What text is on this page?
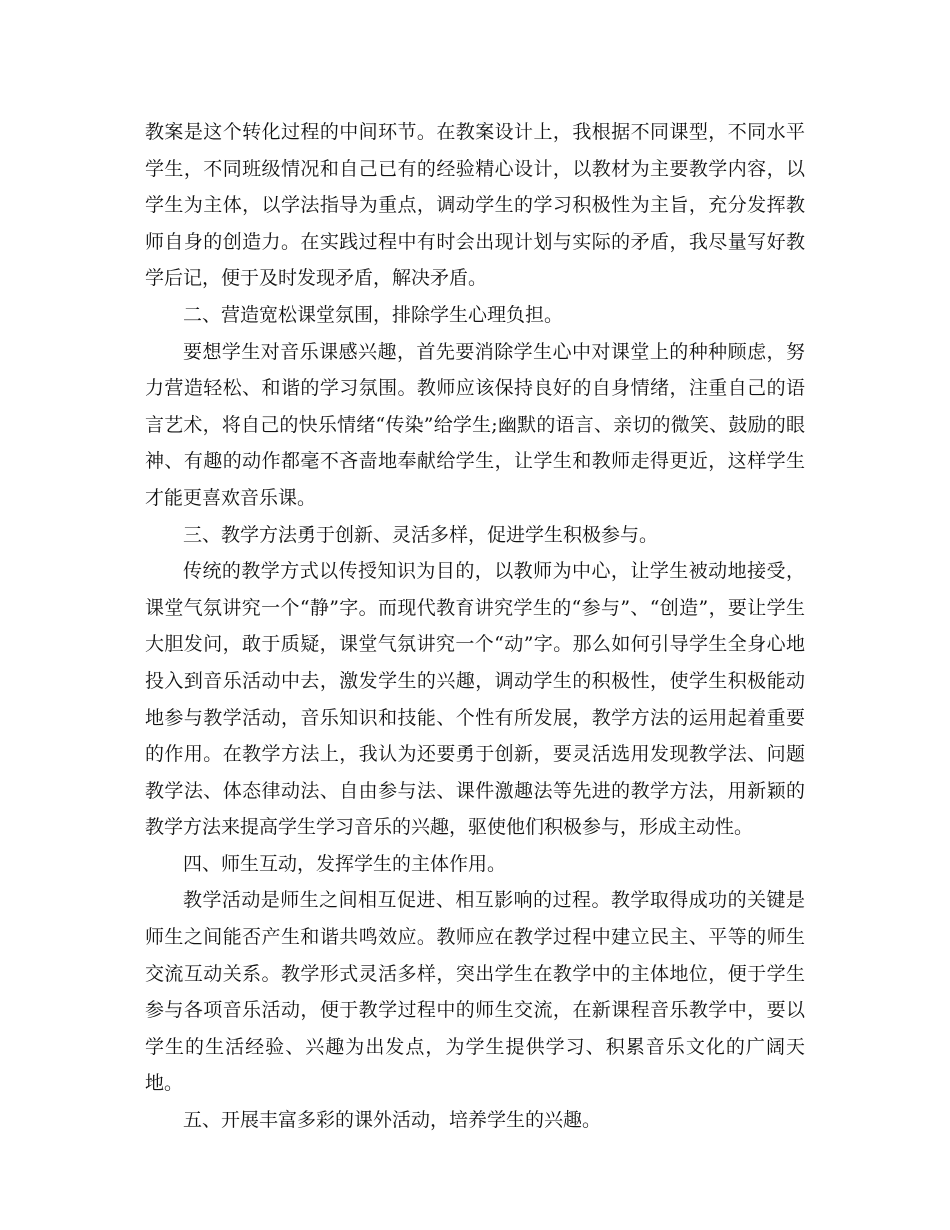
教案是这个转化过程的中间环节。在教案设计上，我根据不同课型，不同水平学生，不同班级情况和自己已有的经验精心设计，以教材为主要教学内容，以学生为主体，以学法指导为重点，调动学生的学习积极性为主旨，充分发挥教师自身的创造力。在实践过程中有时会出现计划与实际的矛盾，我尽量写好教学后记，便于及时发现矛盾，解决矛盾。

二、营造宽松课堂氛围，排除学生心理负担。

要想学生对音乐课感兴趣，首先要消除学生心中对课堂上的种种顾虑，努力营造轻松、和谐的学习氛围。教师应该保持良好的自身情绪，注重自己的语言艺术，将自己的快乐情绪“传染”给学生;幽默的语言、亲切的微笑、鼓励的眼神、有趣的动作都毫不吝啬地奉献给学生，让学生和教师走得更近，这样学生才能更喜欢音乐课。

三、教学方法勇于创新、灵活多样，促进学生积极参与。

传统的教学方式以传授知识为目的，以教师为中心，让学生被动地接受，课堂气氛讲究一个“静”字。而现代教育讲究学生的“参与”、“创造”，要让学生大胆发问，敢于质疑，课堂气氛讲究一个“动”字。那么如何引导学生全身心地投入到音乐活动中去，激发学生的兴趣，调动学生的积极性，使学生积极能动地参与教学活动，音乐知识和技能、个性有所发展，教学方法的运用起着重要的作用。在教学方法上，我认为还要勇于创新，要灵活选用发现教学法、问题教学法、体态律动法、自由参与法、课件激趣法等先进的教学方法，用新颖的教学方法来提高学生学习音乐的兴趣，驱使他们积极参与，形成主动性。

四、师生互动，发挥学生的主体作用。

教学活动是师生之间相互促进、相互影响的过程。教学取得成功的关键是师生之间能否产生和谐共鸣效应。教师应在教学过程中建立民主、平等的师生交流互动关系。教学形式灵活多样，突出学生在教学中的主体地位，便于学生参与各项音乐活动，便于教学过程中的师生交流，在新课程音乐教学中，要以学生的生活经验、兴趣为出发点，为学生提供学习、积累音乐文化的广阔天地。

五、开展丰富多彩的课外活动，培养学生的兴趣。
